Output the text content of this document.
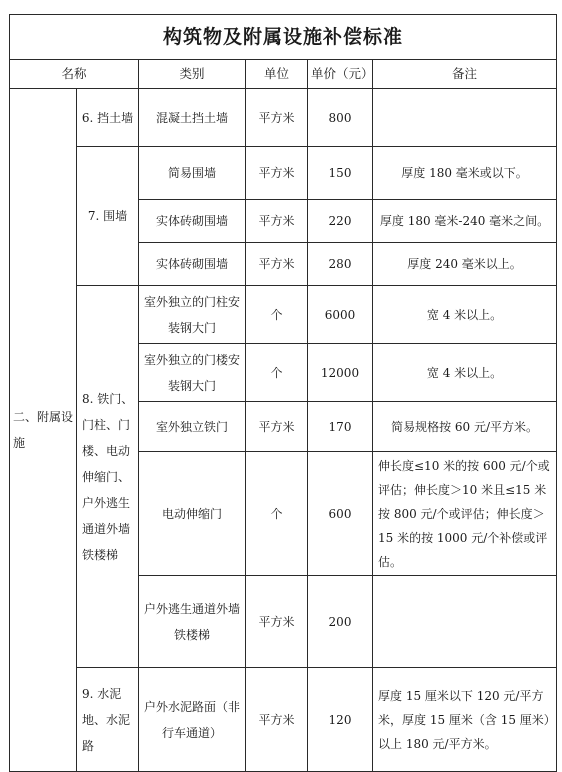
构筑物及附属设施补偿标准					
名称		类别	单位	单价（元）	备注
二、附属设施	6. 挡土墙	混凝土挡土墙	平方米	800	
	7. 围墙	简易围墙	平方米	150	厚度 180 毫米或以下。
		实体砖砌围墙	平方米	220	厚度 180 毫米-240 毫米之间。
		实体砖砌围墙	平方米	280	厚度 240 毫米以上。
	8. 铁门、门柱、门楼、电动伸缩门、户外逃生通道外墙铁楼梯	室外独立的门柱安装钢大门	个	6000	宽 4 米以上。
		室外独立的门楼安装钢大门	个	12000	宽 4 米以上。
		室外独立铁门	平方米	170	简易规格按 60 元/平方米。
		电动伸缩门	个	600	伸长度≤10 米的按 600 元/个或评估；伸长度＞10 米且≤15 米按 800 元/个或评估；伸长度＞15 米的按 1000 元/个补偿或评估。
		户外逃生通道外墙铁楼梯	平方米	200	
	9. 水泥地、水泥路	户外水泥路面（非行车通道）	平方米	120	厚度 15 厘米以下 120 元/平方米，厚度 15 厘米（含 15 厘米）以上 180 元/平方米。
